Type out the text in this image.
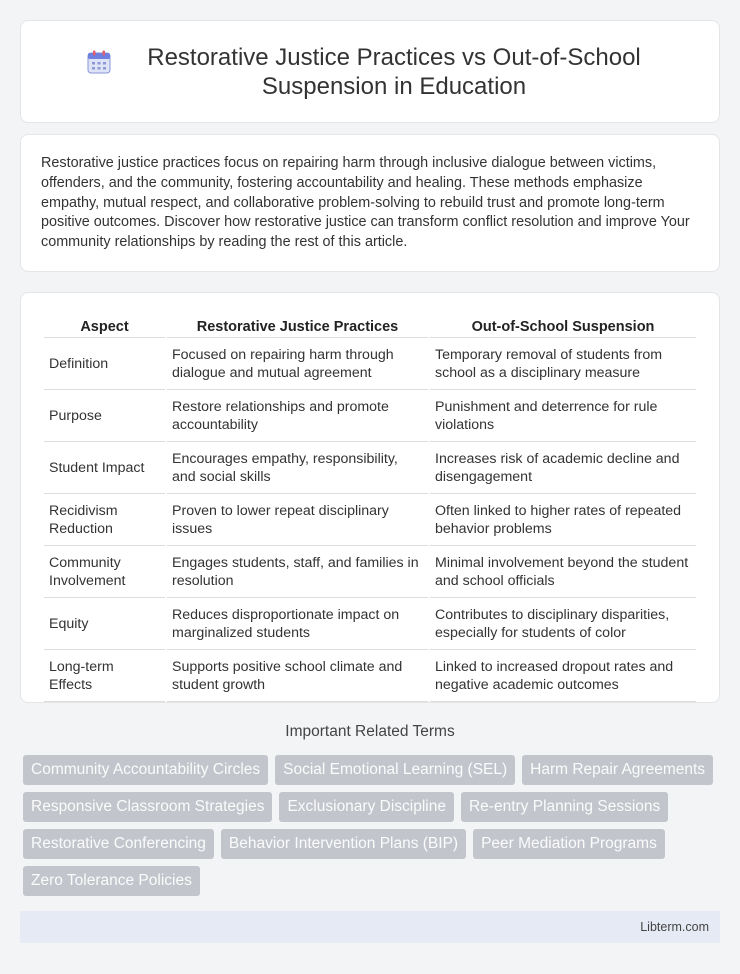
Restorative Justice Practices vs Out-of-School Suspension in Education

Restorative justice practices focus on repairing harm through inclusive dialogue between victims, offenders, and the community, fostering accountability and healing. These methods emphasize empathy, mutual respect, and collaborative problem-solving to rebuild trust and promote long-term positive outcomes. Discover how restorative justice can transform conflict resolution and improve Your community relationships by reading the rest of this article.

Aspect	Restorative Justice Practices	Out-of-School Suspension
Definition	Focused on repairing harm through dialogue and mutual agreement	Temporary removal of students from school as a disciplinary measure
Purpose	Restore relationships and promote accountability	Punishment and deterrence for rule violations
Student Impact	Encourages empathy, responsibility, and social skills	Increases risk of academic decline and disengagement
Recidivism Reduction	Proven to lower repeat disciplinary issues	Often linked to higher rates of repeated behavior problems
Community Involvement	Engages students, staff, and families in resolution	Minimal involvement beyond the student and school officials
Equity	Reduces disproportionate impact on marginalized students	Contributes to disciplinary disparities, especially for students of color
Long-term Effects	Supports positive school climate and student growth	Linked to increased dropout rates and negative academic outcomes
Important Related Terms
Community Accountability Circles	Social Emotional Learning (SEL)	Harm Repair Agreements
Responsive Classroom Strategies	Exclusionary Discipline	Re-entry Planning Sessions
Restorative Conferencing	Behavior Intervention Plans (BIP)	Peer Mediation Programs
Zero Tolerance Policies
Libterm.com
